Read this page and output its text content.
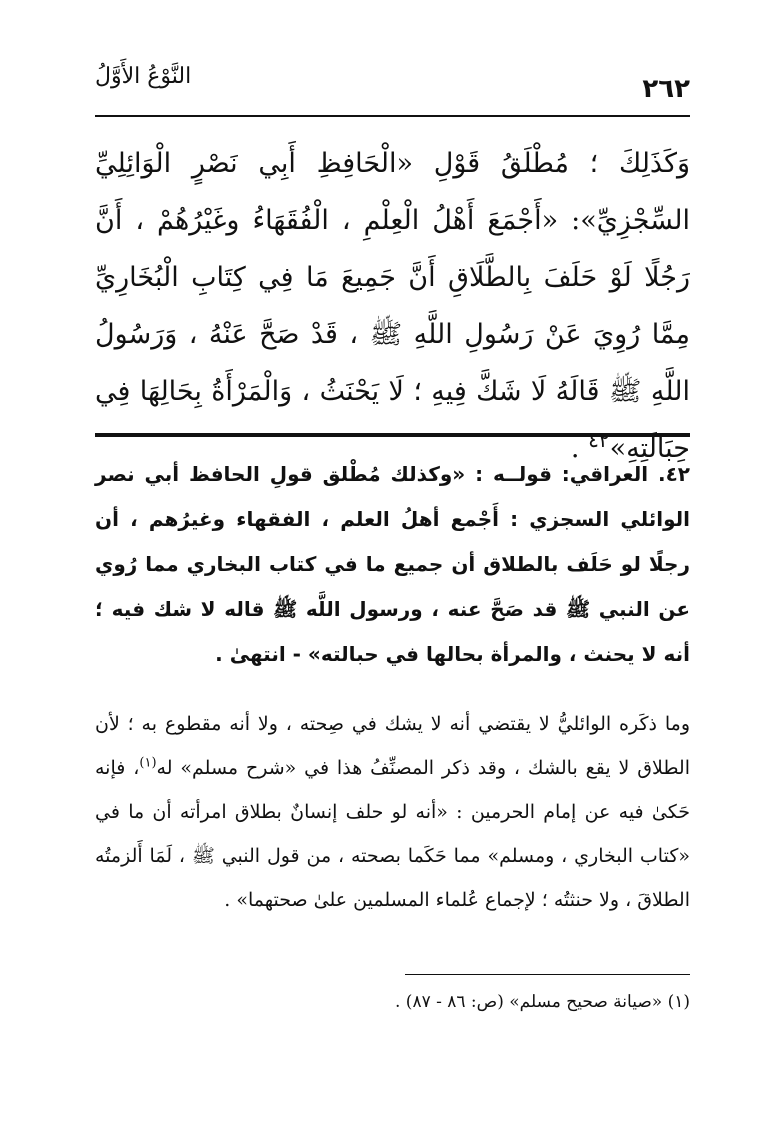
٢٦٢
النَّوْعُ الأَوَّلُ
وَكَذَلِكَ ؛ مُطْلَقُ قَوْلِ «الْحَافِظِ أَبِي نَصْرٍ الْوَائِلِيِّ السِّجْزِيِّ»: «أَجْمَعَ أَهْلُ الْعِلْمِ ، الْفُقَهَاءُ وغَيْرُهُمْ ، أَنَّ رَجُلًا لَوْ حَلَفَ بِالطَّلَاقِ أَنَّ جَمِيعَ مَا فِي كِتَابِ الْبُخَارِيِّ مِمَّا رُوِيَ عَنْ رَسُولِ اللَّهِ ﷺ ، قَدْ صَحَّ عَنْهُ ، وَرَسُولُ اللَّهِ ﷺ قَالَهُ لَا شَكَّ فِيهِ ؛ لَا يَحْنَثُ ، وَالْمَرْأَةُ بِحَالِهَا فِي حِبَالَتِهِ»$^{٤٢}$ .
٤٢. العراقي: قولــه : «وكذلك مُطْلق قولِ الحافظ أبي نصر الوائلي السجزي : أَجْمع أهلُ العلم ، الفقهاء وغيرُهم ، أن رجلًا لو حَلَف بالطلاق أن جميع ما في كتاب البخاري مما رُوي عن النبي ﷺ قد صَحَّ عنه ، ورسول اللَّه ﷺ قاله لا شك فيه ؛ أنه لا يحنث ، والمرأة بحالها في حبالته» - انتهىٰ .
وما ذكَره الوائليُّ لا يقتضي أنه لا يشك في صِحته ، ولا أنه مقطوع به ؛ لأن الطلاق لا يقع بالشك ، وقد ذكر المصنِّفُ هذا في «شرح مسلم» له$^{(١)}$، فإنه حَكىٰ فيه عن إمام الحرمين : «أنه لو حلف إنسانٌ بطلاق امرأته أن ما في «كتاب البخاري ، ومسلم» مما حَكَما بصحته ، من قول النبي ﷺ ، لَمَا أَلزمتُه الطلاقَ ، ولا حنثتُه ؛ لإجماع عُلماء المسلمين علىٰ صحتهما» .
(١) «صيانة صحيح مسلم» (ص: ٨٦ - ٨٧) .
